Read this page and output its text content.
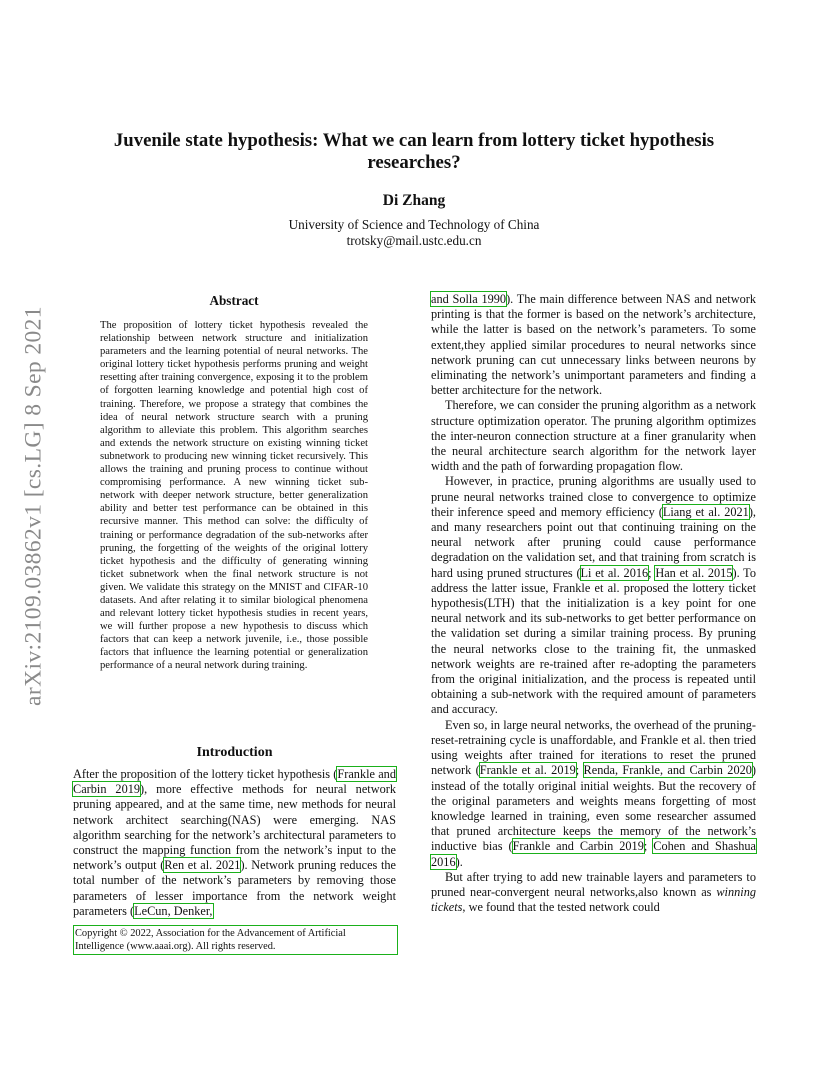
arXiv:2109.03862v1 [cs.LG] 8 Sep 2021
Juvenile state hypothesis: What we can learn from lottery ticket hypothesis researches?
Di Zhang
University of Science and Technology of China
trotsky@mail.ustc.edu.cn
Abstract

The proposition of lottery ticket hypothesis revealed the relationship between network structure and initialization parameters and the learning potential of neural networks. The original lottery ticket hypothesis performs pruning and weight resetting after training convergence, exposing it to the problem of forgotten learning knowledge and potential high cost of training. Therefore, we propose a strategy that combines the idea of neural network structure search with a pruning algorithm to alleviate this problem. This algorithm searches and extends the network structure on existing winning ticket subnetwork to producing new winning ticket recursively. This allows the training and pruning process to continue without compromising performance. A new winning ticket sub-network with deeper network structure, better generalization ability and better test performance can be obtained in this recursive manner. This method can solve: the difficulty of training or performance degradation of the sub-networks after pruning, the forgetting of the weights of the original lottery ticket hypothesis and the difficulty of generating winning ticket subnetwork when the final network structure is not given. We validate this strategy on the MNIST and CIFAR-10 datasets. And after relating it to similar biological phenomena and relevant lottery ticket hypothesis studies in recent years, we will further propose a new hypothesis to discuss which factors that can keep a network juvenile, i.e., those possible factors that influence the learning potential or generalization performance of a neural network during training.

Introduction

After the proposition of the lottery ticket hypothesis (Frankle and Carbin 2019), more effective methods for neural network pruning appeared, and at the same time, new methods for neural network architect searching(NAS) were emerging. NAS algorithm searching for the network’s architectural parameters to construct the mapping function from the network’s input to the network’s output (Ren et al. 2021). Network pruning reduces the total number of the network’s parameters by removing those parameters of lesser importance from the network weight parameters (LeCun, Denker,

Copyright © 2022, Association for the Advancement of Artificial Intelligence (www.aaai.org). All rights reserved.

and Solla 1990). The main difference between NAS and network printing is that the former is based on the network’s architecture, while the latter is based on the network’s parameters. To some extent,they applied similar procedures to neural networks since network pruning can cut unnecessary links between neurons by eliminating the network’s unimportant parameters and finding a better architecture for the network.

Therefore, we can consider the pruning algorithm as a network structure optimization operator. The pruning algorithm optimizes the inter-neuron connection structure at a finer granularity when the neural architecture search algorithm for the network layer width and the path of forwarding propagation flow.

However, in practice, pruning algorithms are usually used to prune neural networks trained close to convergence to optimize their inference speed and memory efficiency (Liang et al. 2021), and many researchers point out that continuing training on the neural network after pruning could cause performance degradation on the validation set, and that training from scratch is hard using pruned structures (Li et al. 2016; Han et al. 2015). To address the latter issue, Frankle et al. proposed the lottery ticket hypothesis(LTH) that the initialization is a key point for one neural network and its sub-networks to get better performance on the validation set during a similar training process. By pruning the neural networks close to the training fit, the unmasked network weights are re-trained after re-adopting the parameters from the original initialization, and the process is repeated until obtaining a sub-network with the required amount of parameters and accuracy.

Even so, in large neural networks, the overhead of the pruning-reset-retraining cycle is unaffordable, and Frankle et al. then tried using weights after trained for iterations to reset the pruned network (Frankle et al. 2019; Renda, Frankle, and Carbin 2020) instead of the totally original initial weights. But the recovery of the original parameters and weights means forgetting of most knowledge learned in training, even some researcher assumed that pruned architecture keeps the memory of the network’s inductive bias (Frankle and Carbin 2019; Cohen and Shashua 2016).

But after trying to add new trainable layers and parameters to pruned near-convergent neural networks,also known as winning tickets, we found that the tested network could
